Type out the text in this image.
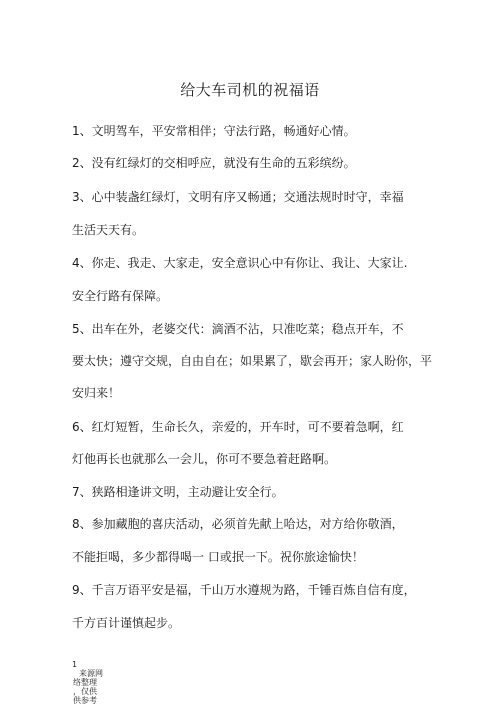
给大车司机的祝福语
1、文明驾车，平安常相伴；守法行路，畅通好心情。
2、没有红绿灯的交相呼应，就没有生命的五彩缤纷。
3、心中装盏红绿灯，文明有序又畅通；交通法规时时守，幸福
生活天天有。
4、你走、我走、大家走，安全意识心中有你让、我让、大家让.
安全行路有保障。
5、出车在外，老婆交代：滴酒不沾，只准吃菜；稳点开车，不
要太快；遵守交规，自由自在；如果累了，歇会再开；家人盼你，平
安归来！
6、红灯短暂，生命长久，亲爱的，开车时，可不要着急啊，红
灯他再长也就那么一会儿，你可不要急着赶路啊。
7、狭路相逢讲文明，主动避让安全行。
8、参加藏胞的喜庆活动，必须首先献上哈达，对方给你敬酒，
不能拒喝，多少都得喝一 口或抿一下。祝你旅途愉快！
9、千言万语平安是福，千山万水遵规为路，千锤百炼自信有度，
千方百计谨慎起步。
1
来源网
络整理
，仅供
供参考
